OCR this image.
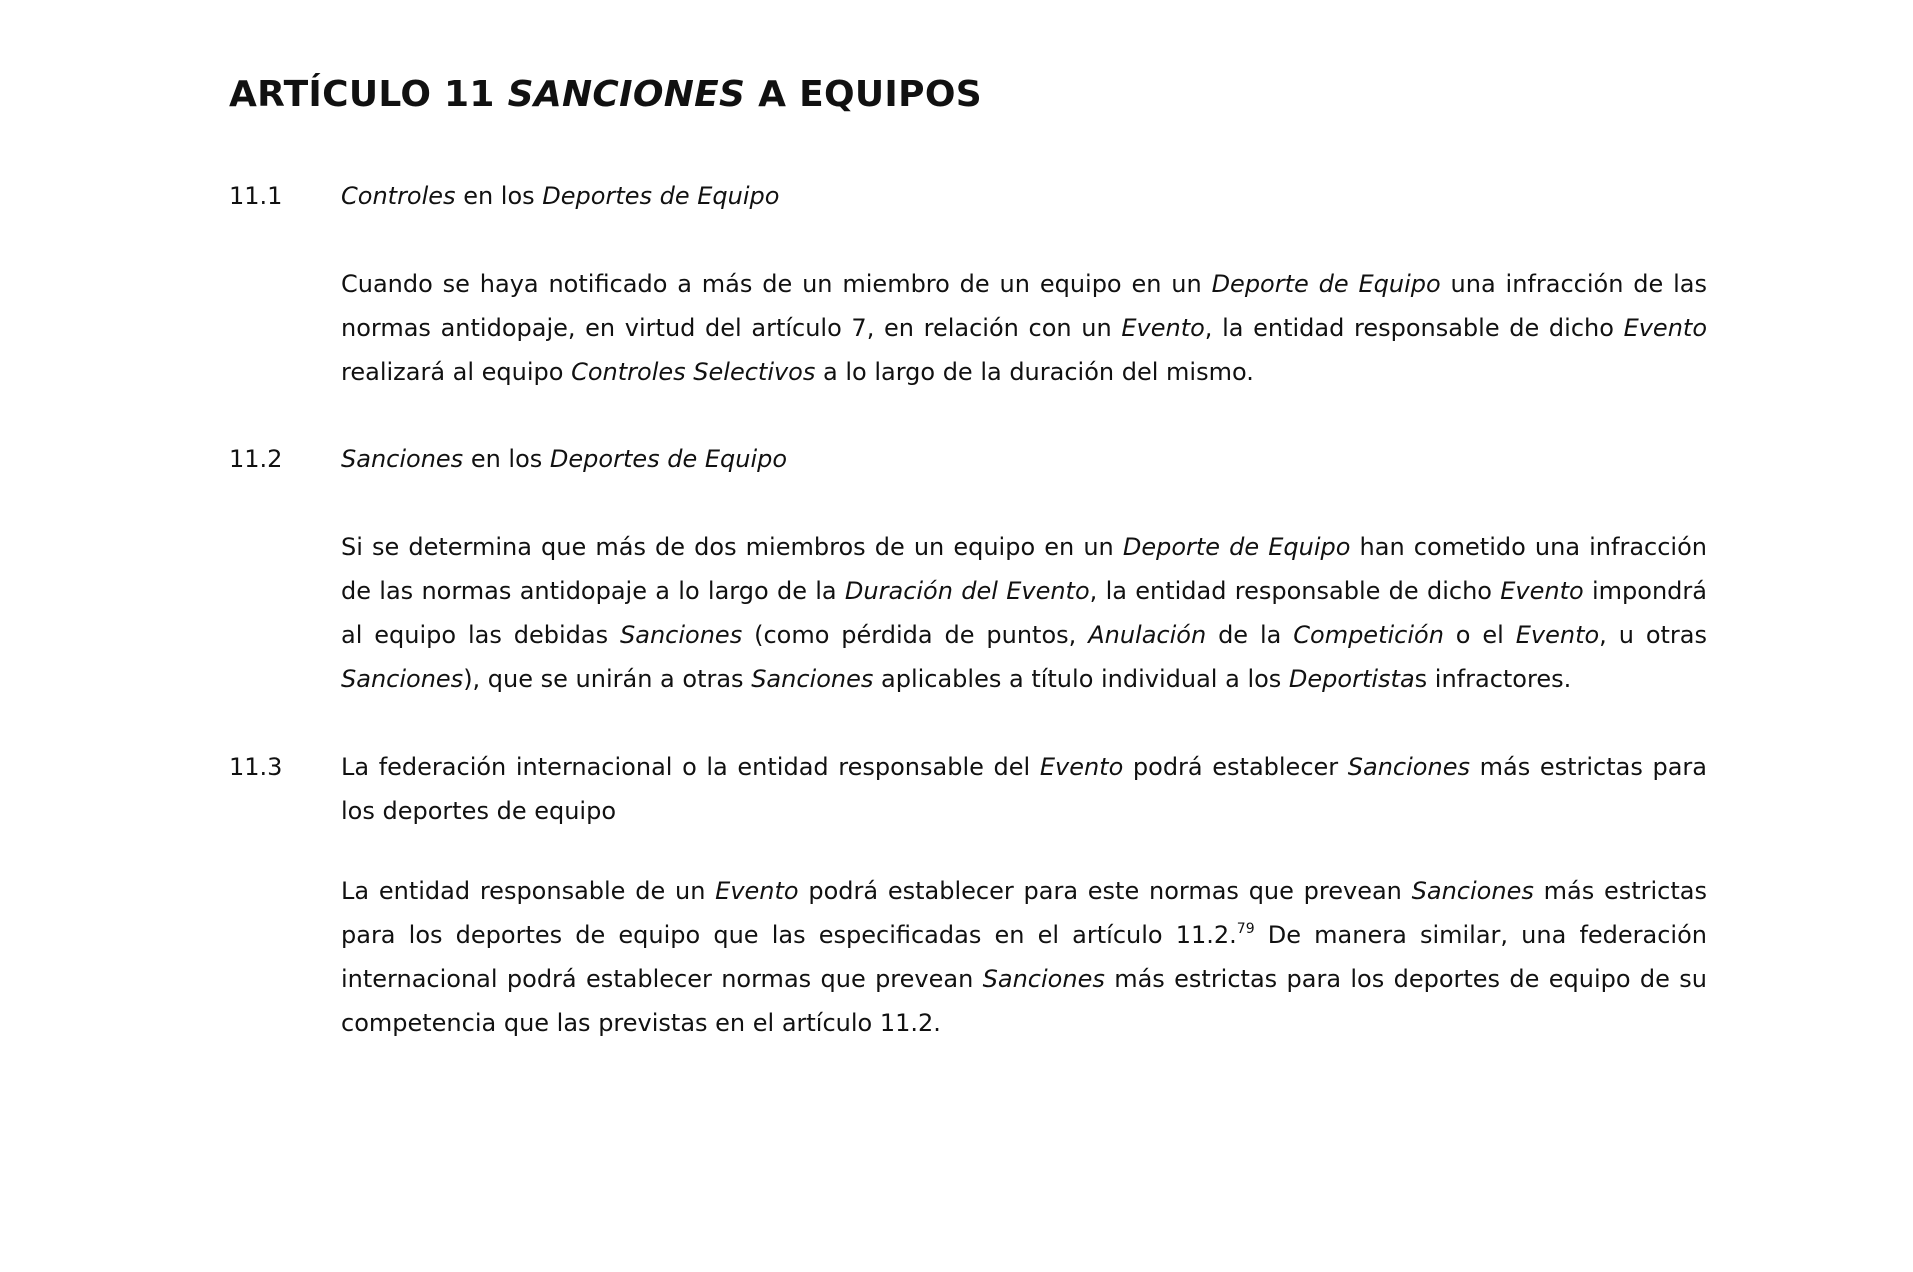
ARTÍCULO 11 SANCIONES A EQUIPOS
11.1 Controles en los Deportes de Equipo

Cuando se haya notificado a más de un miembro de un equipo en un Deporte de Equipo una infracción de las normas antidopaje, en virtud del artículo 7, en relación con un Evento, la entidad responsable de dicho Evento realizará al equipo Controles Selectivos a lo largo de la duración del mismo.

11.2 Sanciones en los Deportes de Equipo

Si se determina que más de dos miembros de un equipo en un Deporte de Equipo han cometido una infracción de las normas antidopaje a lo largo de la Duración del Evento, la entidad responsable de dicho Evento impondrá al equipo las debidas Sanciones (como pérdida de puntos, Anulación de la Competición o el Evento, u otras Sanciones), que se unirán a otras Sanciones aplicables a título individual a los Deportistas infractores.

11.3 La federación internacional o la entidad responsable del Evento podrá establecer Sanciones más estrictas para los deportes de equipo

La entidad responsable de un Evento podrá establecer para este normas que prevean Sanciones más estrictas para los deportes de equipo que las especificadas en el artículo 11.2.79 De manera similar, una federación internacional podrá establecer normas que prevean Sanciones más estrictas para los deportes de equipo de su competencia que las previstas en el artículo 11.2.
